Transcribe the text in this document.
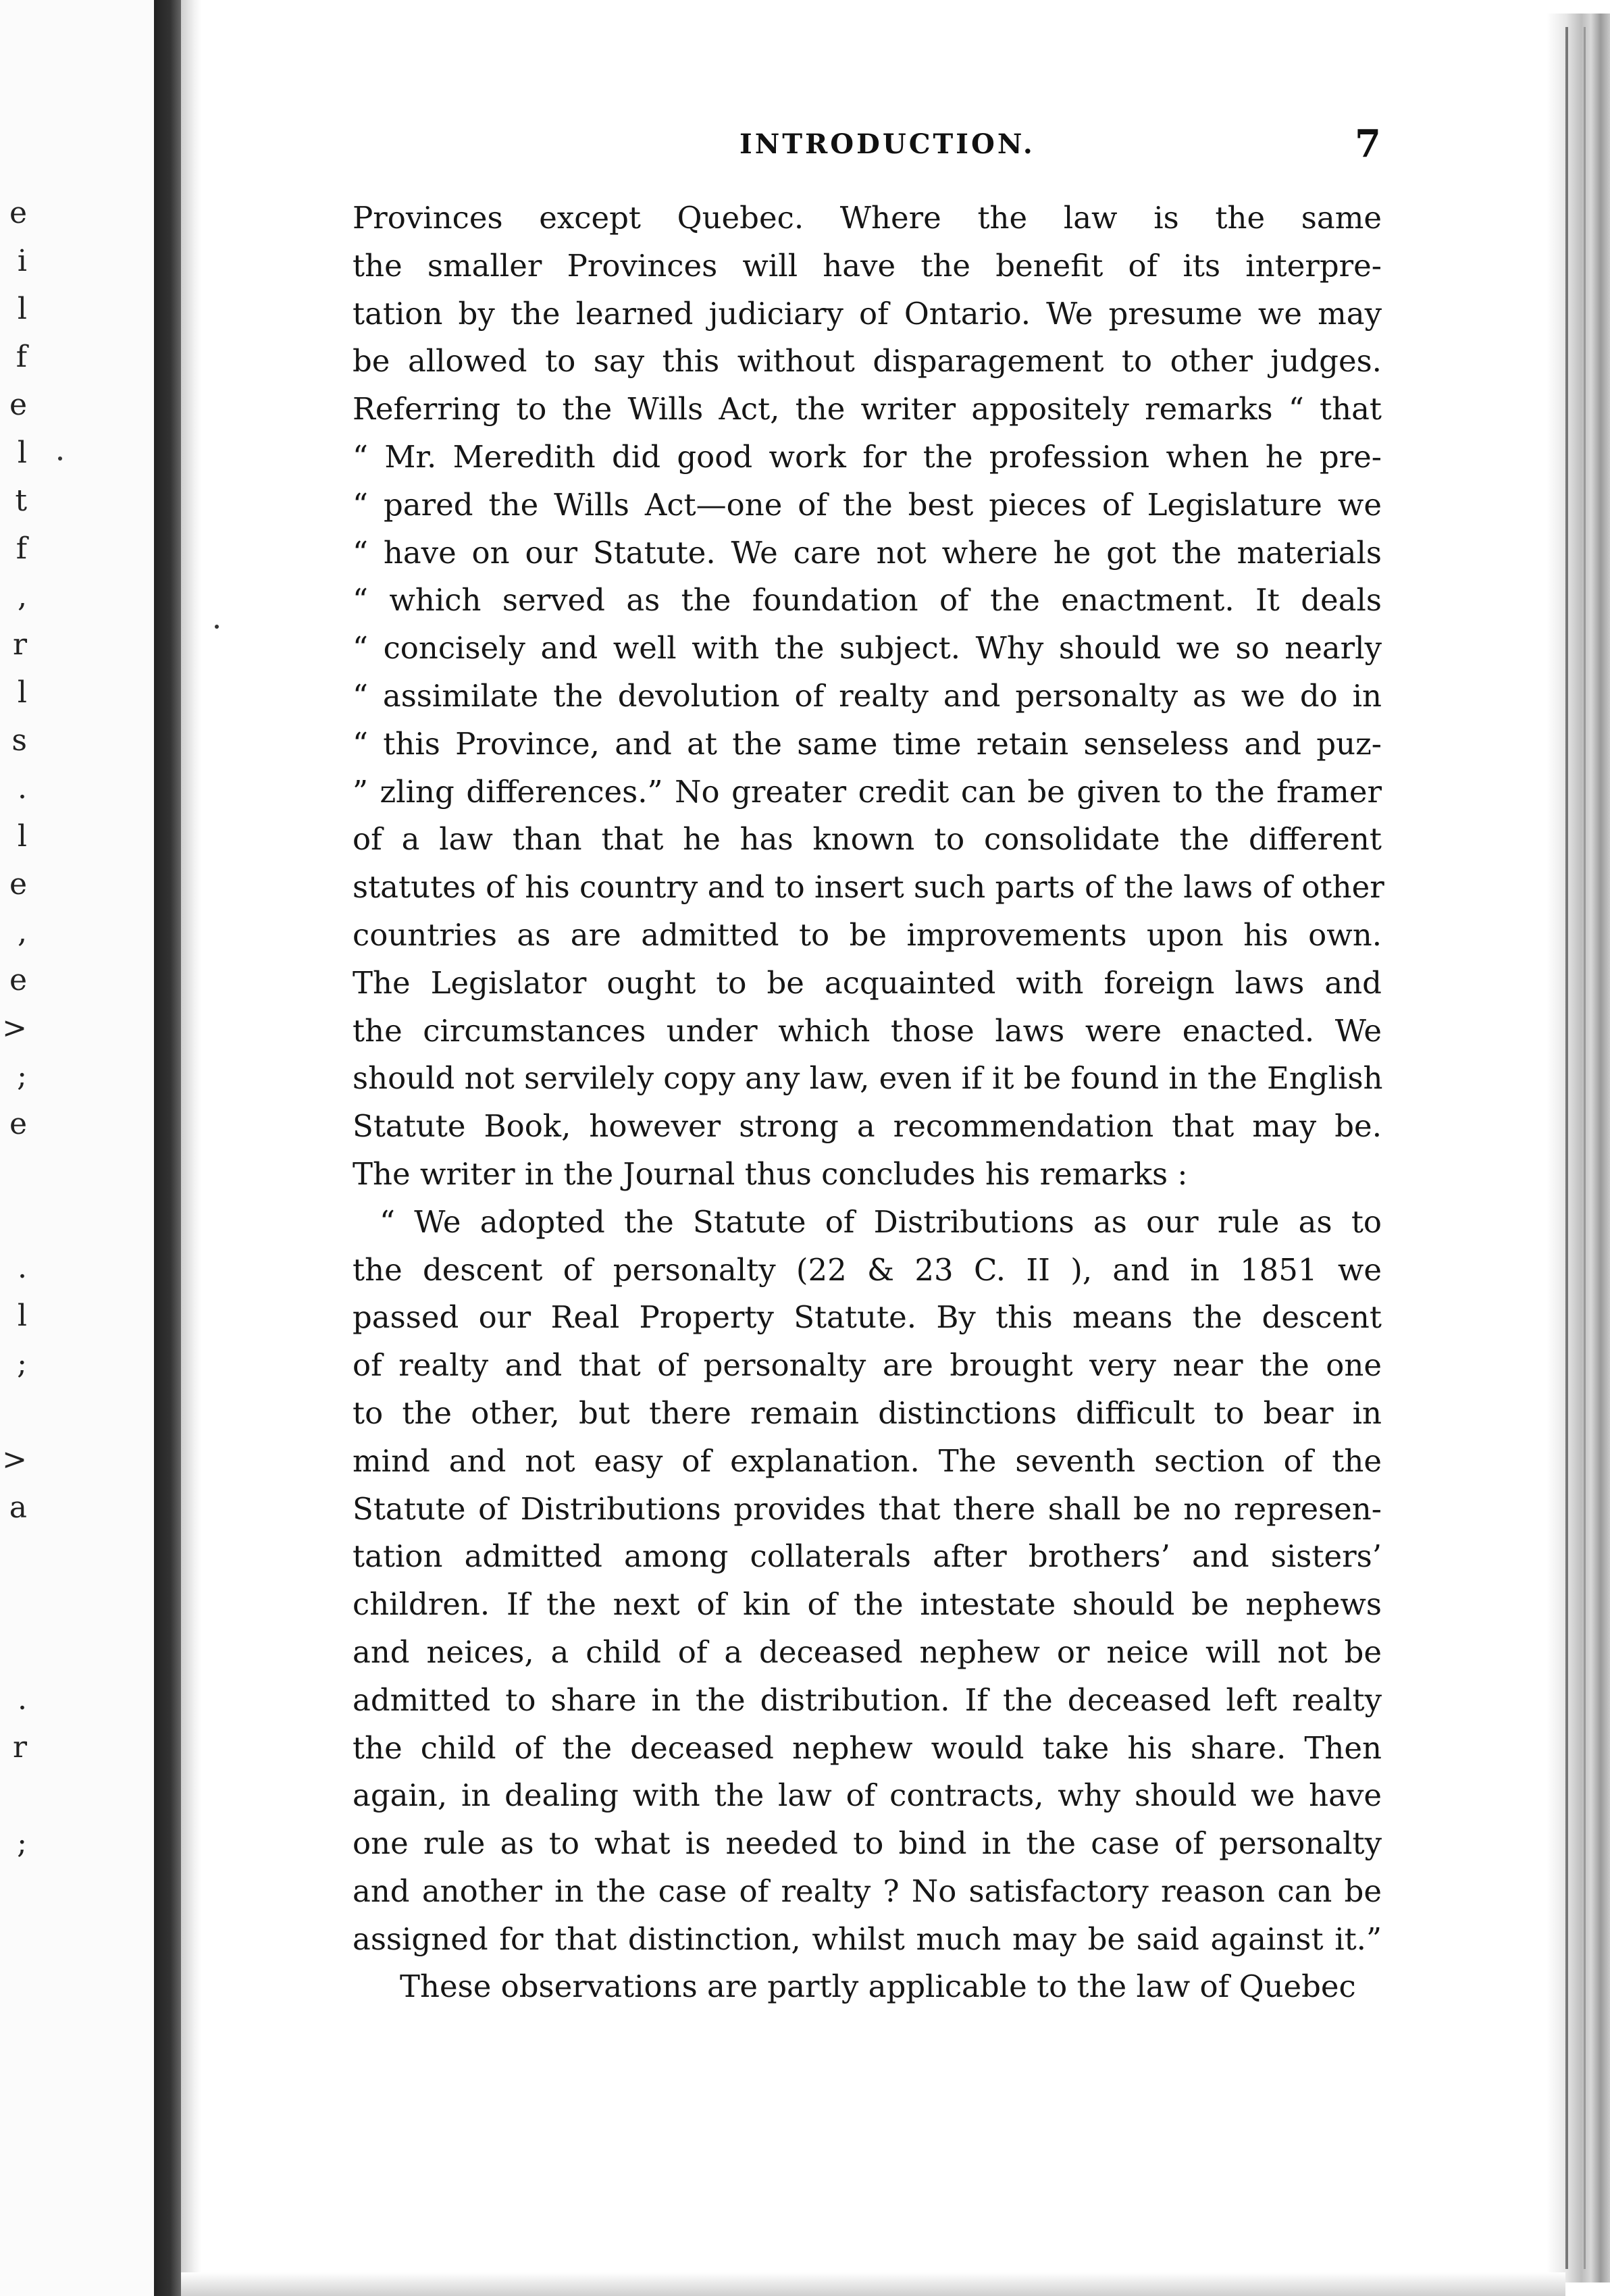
e
i
l
f
e
l
t
f
,
r
l
s
.
l
e
,
e
>
;
e
.
l
;
>
a
.
r
;
INTRODUCTION.	7
Provinces except Quebec. Where the law is the same
the smaller Provinces will have the benefit of its interpre-
tation by the learned judiciary of Ontario. We presume we may
be allowed to say this without disparagement to other judges.
Referring to the Wills Act, the writer appositely remarks “ that
“ Mr. Meredith did good work for the profession when he pre-
“ pared the Wills Act—one of the best pieces of Legislature we
“ have on our Statute. We care not where he got the materials
“ which served as the foundation of the enactment. It deals
“ concisely and well with the subject. Why should we so nearly
“ assimilate the devolution of realty and personalty as we do in
“ this Province, and at the same time retain senseless and puz-
” zling differences.” No greater credit can be given to the framer
of a law than that he has known to consolidate the different
statutes of his country and to insert such parts of the laws of other
countries as are admitted to be improvements upon his own.
The Legislator ought to be acquainted with foreign laws and
the circumstances under which those laws were enacted. We
should not servilely copy any law, even if it be found in the English
Statute Book, however strong a recommendation that may be.
The writer in the Journal thus concludes his remarks :
“ We adopted the Statute of Distributions as our rule as to
the descent of personalty (22 & 23 C. II ), and in 1851 we
passed our Real Property Statute. By this means the descent
of realty and that of personalty are brought very near the one
to the other, but there remain distinctions difficult to bear in
mind and not easy of explanation. The seventh section of the
Statute of Distributions provides that there shall be no represen-
tation admitted among collaterals after brothers’ and sisters’
children. If the next of kin of the intestate should be nephews
and neices, a child of a deceased nephew or neice will not be
admitted to share in the distribution. If the deceased left realty
the child of the deceased nephew would take his share. Then
again, in dealing with the law of contracts, why should we have
one rule as to what is needed to bind in the case of personalty
and another in the case of realty ? No satisfactory reason can be
assigned for that distinction, whilst much may be said against it.”
These observations are partly applicable to the law of Quebec
